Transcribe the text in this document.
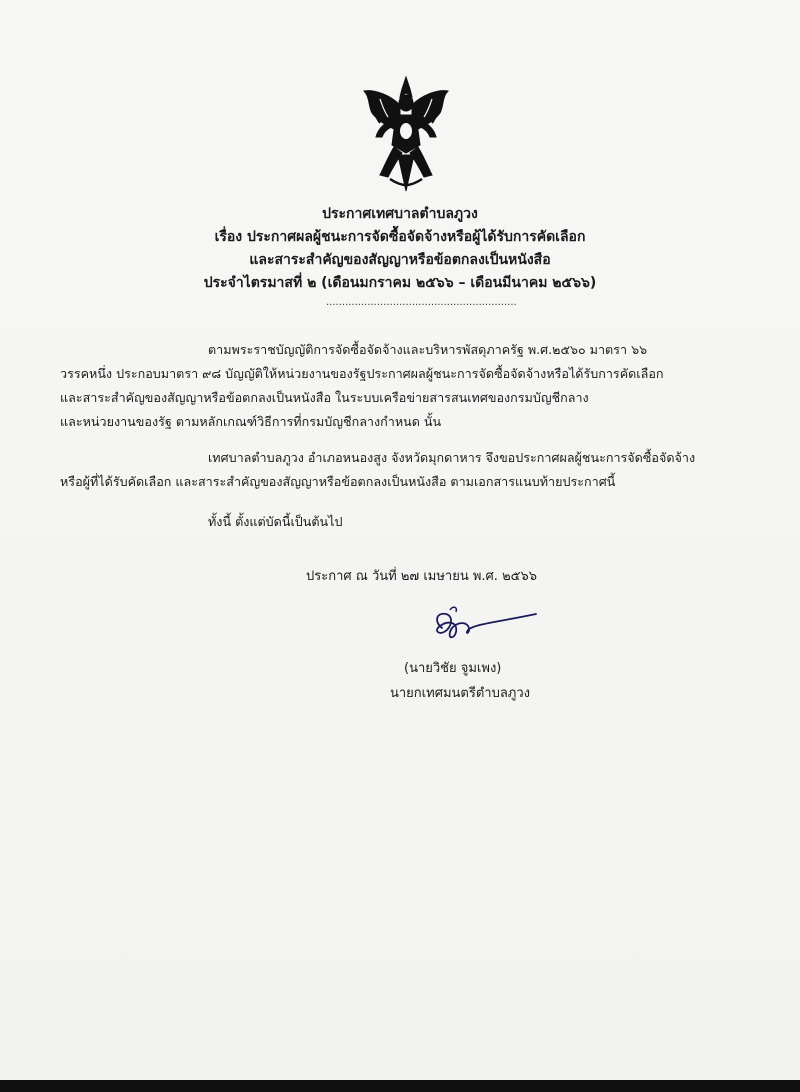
ประกาศเทศบาลตำบลภูวง
เรื่อง ประกาศผลผู้ชนะการจัดซื้อจัดจ้างหรือผู้ได้รับการคัดเลือก
และสาระสำคัญของสัญญาหรือข้อตกลงเป็นหนังสือ
ประจำไตรมาสที่ ๒ (เดือนมกราคม ๒๕๖๖ – เดือนมีนาคม ๒๕๖๖)
............................................................
ตามพระราชบัญญัติการจัดซื้อจัดจ้างและบริหารพัสดุภาครัฐ พ.ศ.๒๕๖๐ มาตรา ๖๖
วรรคหนึ่ง ประกอบมาตรา ๙๘ บัญญัติให้หน่วยงานของรัฐประกาศผลผู้ชนะการจัดซื้อจัดจ้างหรือได้รับการคัดเลือก
และสาระสำคัญของสัญญาหรือข้อตกลงเป็นหนังสือ ในระบบเครือข่ายสารสนเทศของกรมบัญชีกลาง
และหน่วยงานของรัฐ ตามหลักเกณฑ์วิธีการที่กรมบัญชีกลางกำหนด นั้น
เทศบาลตำบลภูวง อำเภอหนองสูง จังหวัดมุกดาหาร จึงขอประกาศผลผู้ชนะการจัดซื้อจัดจ้าง
หรือผู้ที่ได้รับคัดเลือก และสาระสำคัญของสัญญาหรือข้อตกลงเป็นหนังสือ ตามเอกสารแนบท้ายประกาศนี้
ทั้งนี้ ตั้งแต่บัดนี้เป็นต้นไป
ประกาศ ณ วันที่ ๒๗ เมษายน พ.ศ. ๒๕๖๖
(นายวิชัย จูมเพง)
นายกเทศมนตรีตำบลภูวง
